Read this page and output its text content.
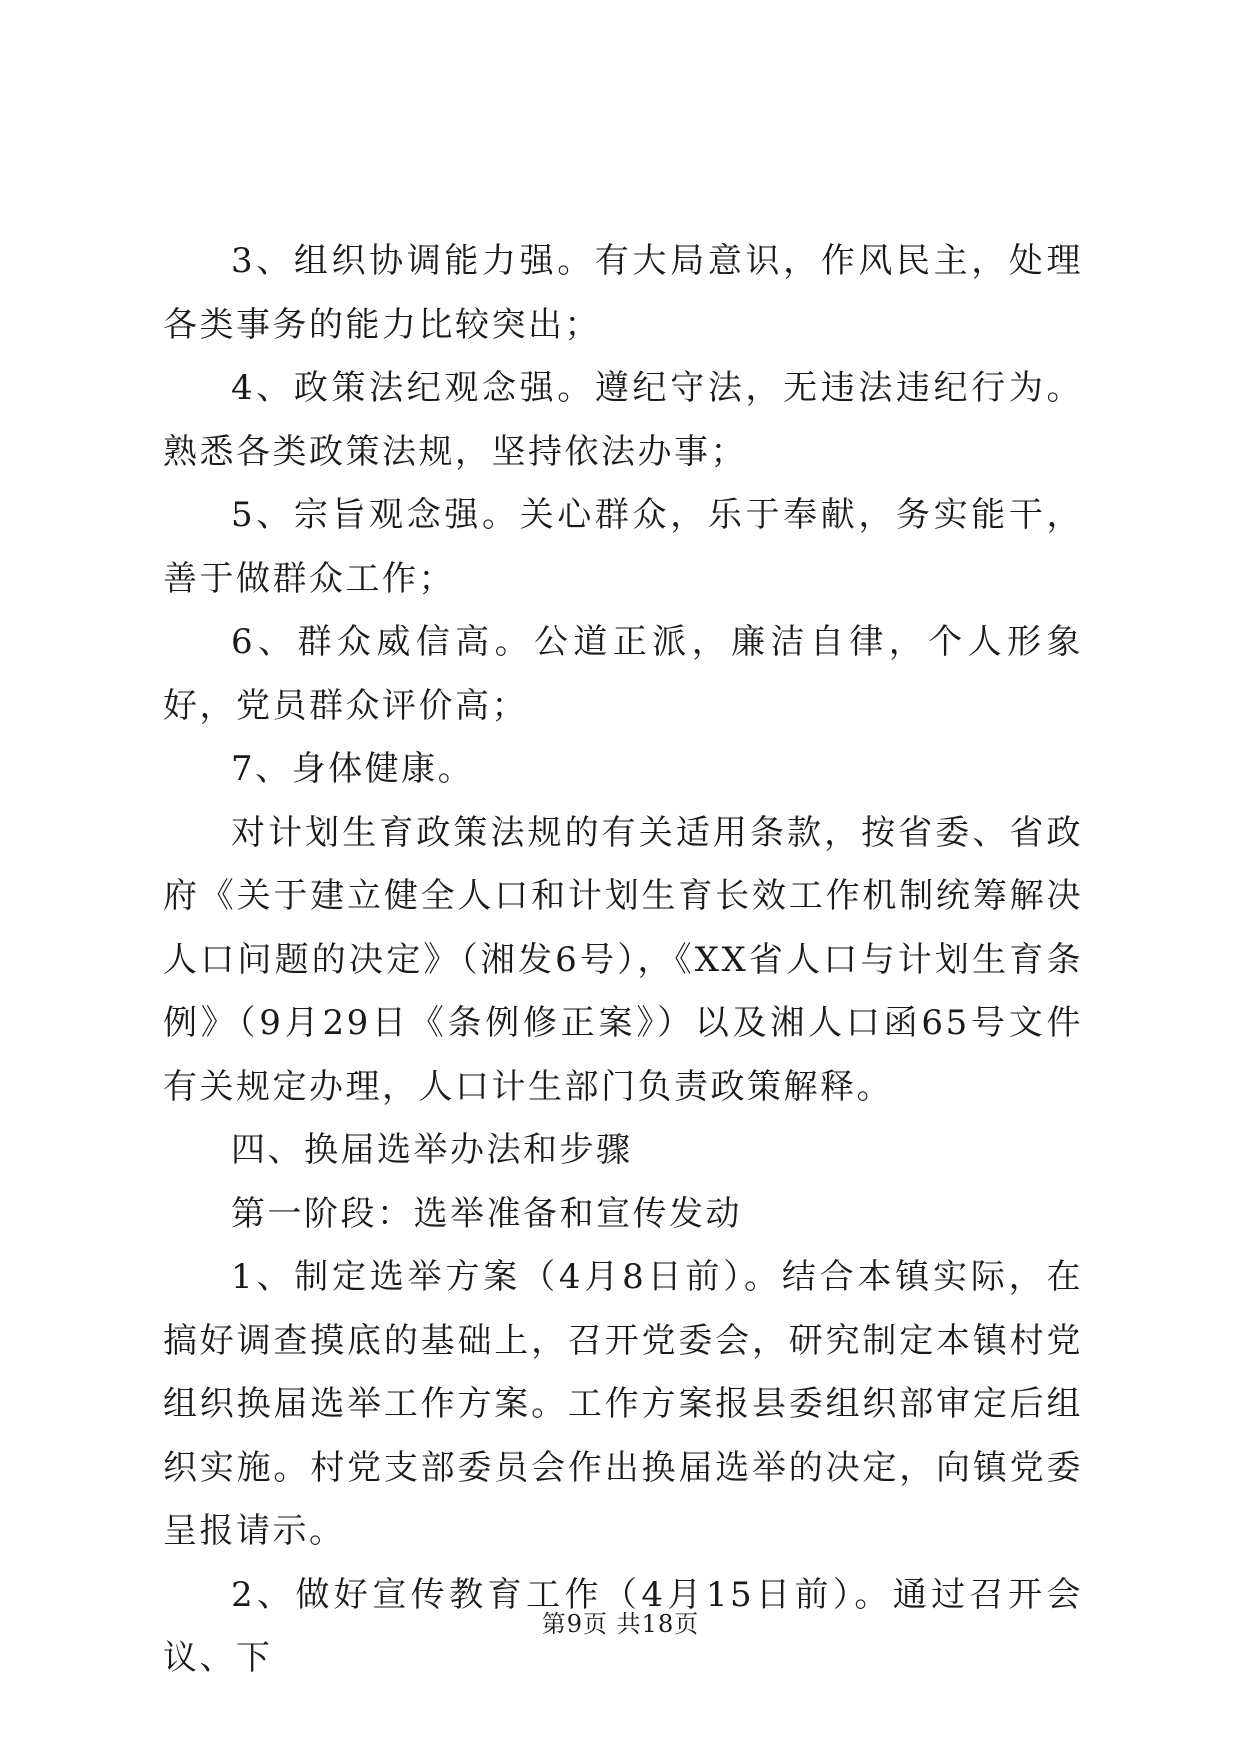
3、组织协调能力强。有大局意识，作风民主，处理各类事务的能力比较突出；

4、政策法纪观念强。遵纪守法，无违法违纪行为。熟悉各类政策法规，坚持依法办事；

5、宗旨观念强。关心群众，乐于奉献，务实能干，善于做群众工作；

6、群众威信高。公道正派，廉洁自律，个人形象好，党员群众评价高；

7、身体健康。

对计划生育政策法规的有关适用条款，按省委、省政府《关于建立健全人口和计划生育长效工作机制统筹解决人口问题的决定》（湘发6号），《XX省人口与计划生育条例》（9月29日《条例修正案》）以及湘人口函65号文件有关规定办理，人口计生部门负责政策解释。

四、换届选举办法和步骤

第一阶段：选举准备和宣传发动

1、制定选举方案（4月8日前）。结合本镇实际，在搞好调查摸底的基础上，召开党委会，研究制定本镇村党组织换届选举工作方案。工作方案报县委组织部审定后组织实施。村党支部委员会作出换届选举的决定，向镇党委呈报请示。

2、做好宣传教育工作（4月15日前）。通过召开会议、下

第9页 共18页
